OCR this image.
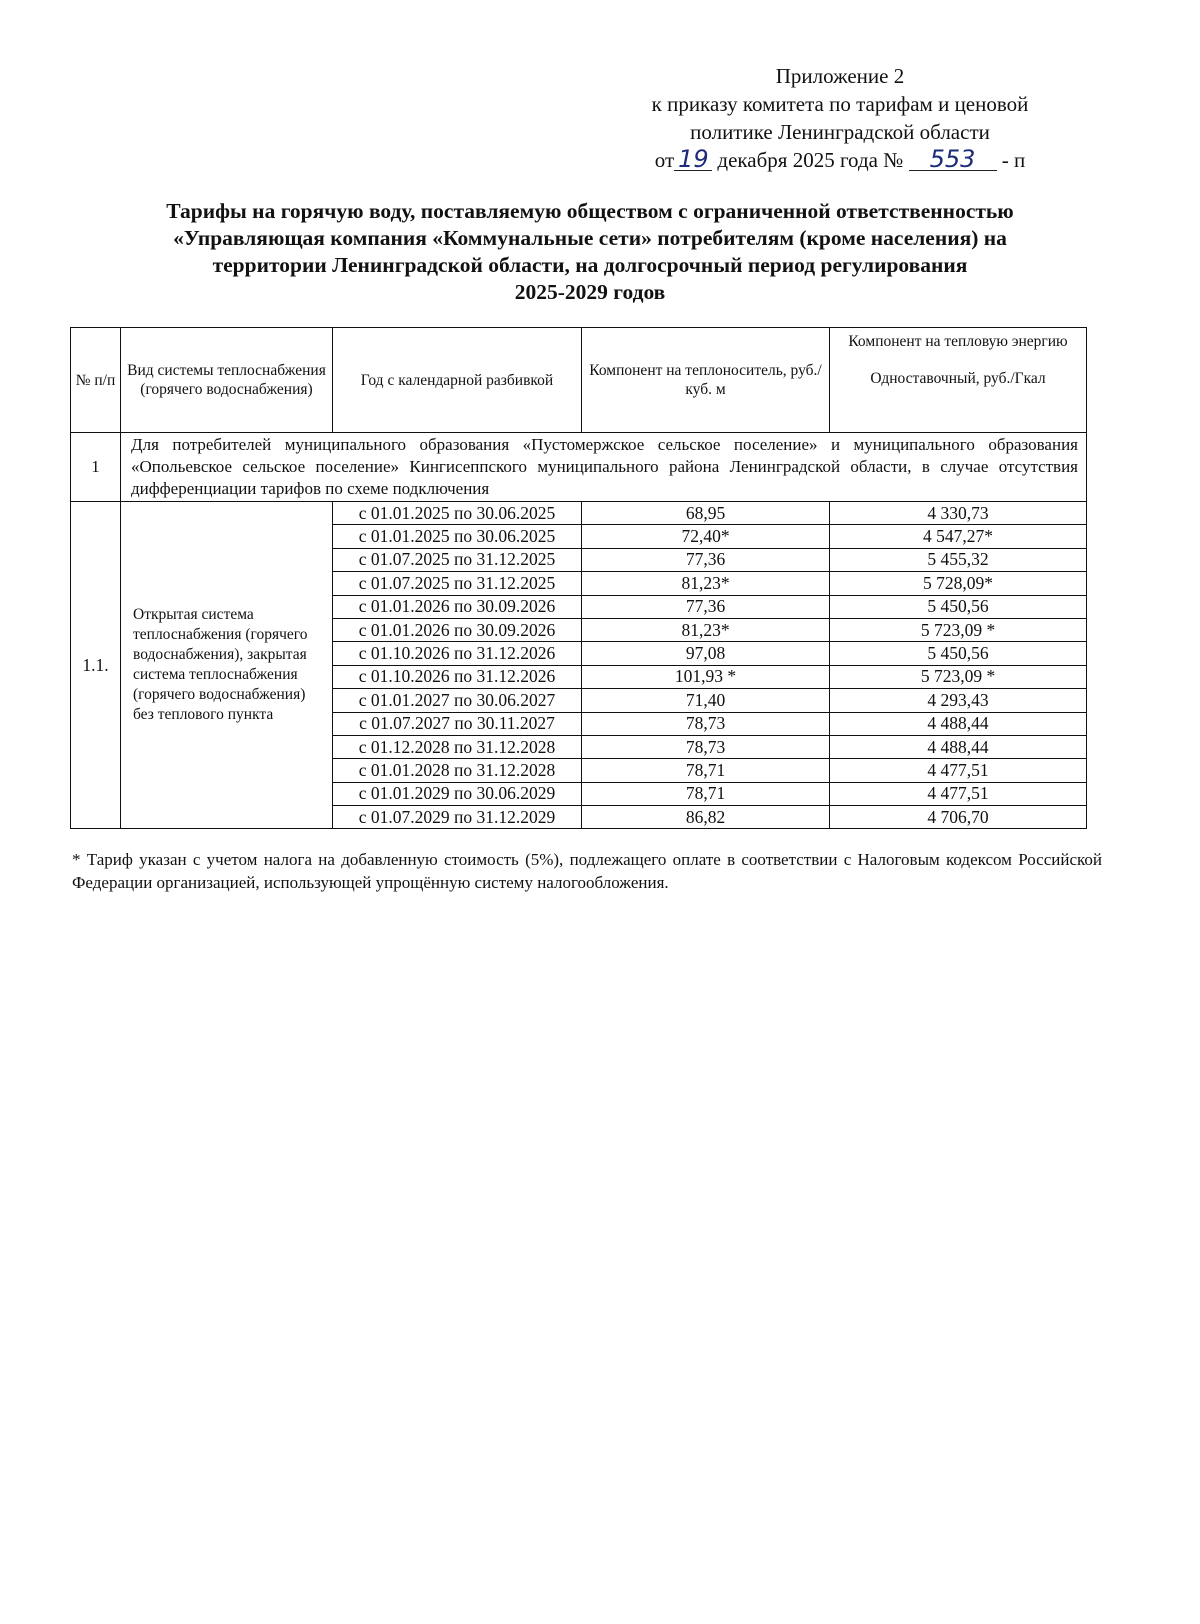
Приложение 2
к приказу комитета по тарифам и ценовой
политике Ленинградской области
от 19 декабря 2025 года № 553 - п
Тарифы на горячую воду, поставляемую обществом с ограниченной ответственностью
«Управляющая компания «Коммунальные сети» потребителям (кроме населения) на
территории Ленинградской области, на долгосрочный период регулирования
2025-2029 годов
№ п/п	Вид системы теплоснабжения (горячего водоснабжения)	Год с календарной разбивкой	Компонент на теплоноситель, руб./куб. м	Компонент на тепловую энергию
Одноставочный, руб./Гкал

1	Для потребителей муниципального образования «Пустомержское сельское поселение» и муниципального образования «Опольевское сельское поселение» Кингисеппского муниципального района Ленинградской области, в случае отсутствия дифференциации тарифов по схеме подключения			
1.1.	Открытая система теплоснабжения (горячего водоснабжения), закрытая система теплоснабжения (горячего водоснабжения) без теплового пункта	с 01.01.2025 по 30.06.2025	68,95	4 330,73
		с 01.01.2025 по 30.06.2025	72,40*	4 547,27*
		с 01.07.2025 по 31.12.2025	77,36	5 455,32
		с 01.07.2025 по 31.12.2025	81,23*	5 728,09*
		с 01.01.2026 по 30.09.2026	77,36	5 450,56
		с 01.01.2026 по 30.09.2026	81,23*	5 723,09 *
		с 01.10.2026 по 31.12.2026	97,08	5 450,56
		с 01.10.2026 по 31.12.2026	101,93 *	5 723,09 *
		с 01.01.2027 по 30.06.2027	71,40	4 293,43
		с 01.07.2027 по 30.11.2027	78,73	4 488,44
		с 01.12.2028 по 31.12.2028	78,73	4 488,44
		с 01.01.2028 по 31.12.2028	78,71	4 477,51
		с 01.01.2029 по 30.06.2029	78,71	4 477,51
		с 01.07.2029 по 31.12.2029	86,82	4 706,70
* Тариф указан с учетом налога на добавленную стоимость (5%), подлежащего оплате в соответствии с Налоговым кодексом Российской Федерации организацией, использующей упрощённую систему налогообложения.
